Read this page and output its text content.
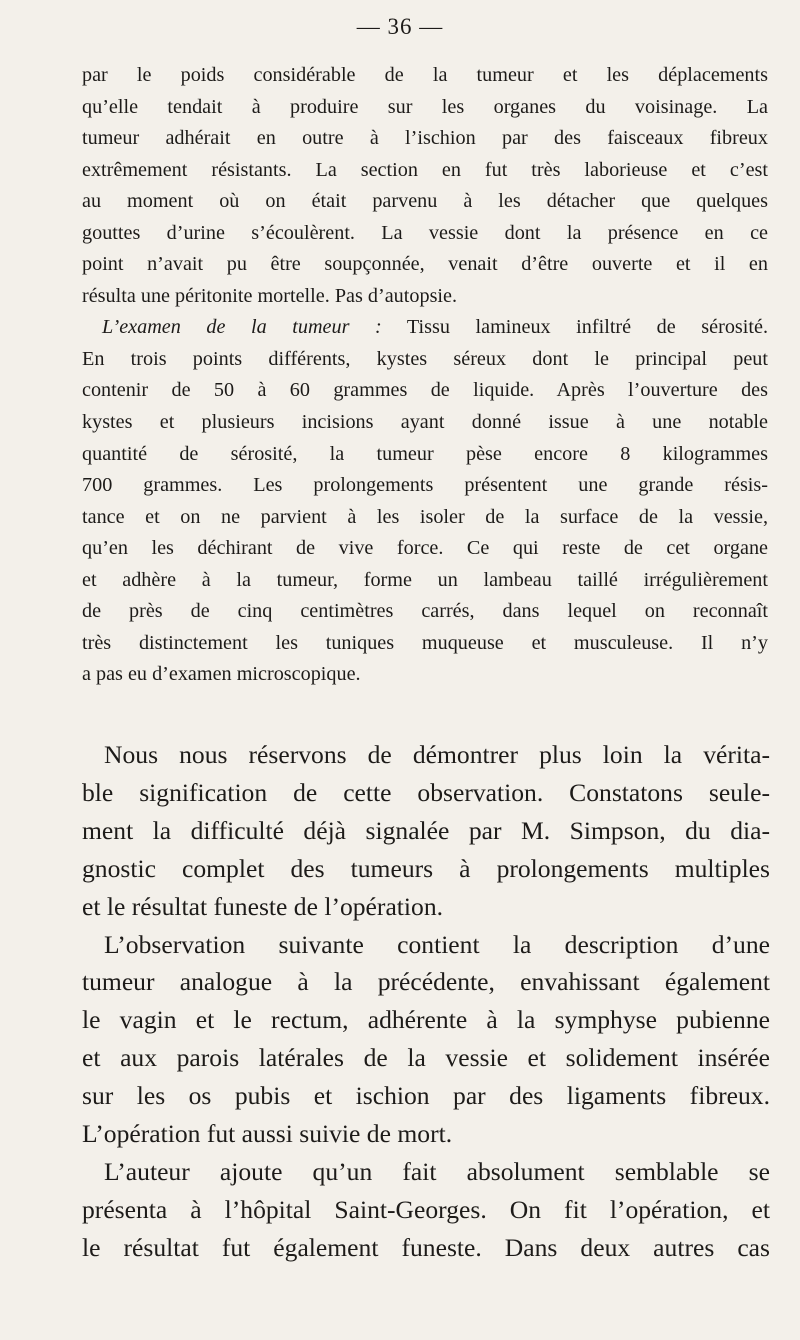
— 36 —

par le poids considérable de la tumeur et les déplacements
qu’elle tendait à produire sur les organes du voisinage. La
tumeur adhérait en outre à l’ischion par des faisceaux fibreux
extrêmement résistants. La section en fut très laborieuse et c’est
au moment où on était parvenu à les détacher que quelques
gouttes d’urine s’écoulèrent. La vessie dont la présence en ce
point n’avait pu être soupçonnée, venait d’être ouverte et il en
résulta une péritonite mortelle. Pas d’autopsie.

L’examen de la tumeur : Tissu lamineux infiltré de sérosité.
En trois points différents, kystes séreux dont le principal peut
contenir de 50 à 60 grammes de liquide. Après l’ouverture des
kystes et plusieurs incisions ayant donné issue à une notable
quantité de sérosité, la tumeur pèse encore 8 kilogrammes
700 grammes. Les prolongements présentent une grande résis-
tance et on ne parvient à les isoler de la surface de la vessie,
qu’en les déchirant de vive force. Ce qui reste de cet organe
et adhère à la tumeur, forme un lambeau taillé irrégulièrement
de près de cinq centimètres carrés, dans lequel on reconnaît
très distinctement les tuniques muqueuse et musculeuse. Il n’y
a pas eu d’examen microscopique.

Nous nous réservons de démontrer plus loin la vérita-
ble signification de cette observation. Constatons seule-
ment la difficulté déjà signalée par M. Simpson, du dia-
gnostic complet des tumeurs à prolongements multiples
et le résultat funeste de l’opération.

L’observation suivante contient la description d’une
tumeur analogue à la précédente, envahissant également
le vagin et le rectum, adhérente à la symphyse pubienne
et aux parois latérales de la vessie et solidement insérée
sur les os pubis et ischion par des ligaments fibreux.
L’opération fut aussi suivie de mort.

L’auteur ajoute qu’un fait absolument semblable se
présenta à l’hôpital Saint-Georges. On fit l’opération, et
le résultat fut également funeste. Dans deux autres cas
